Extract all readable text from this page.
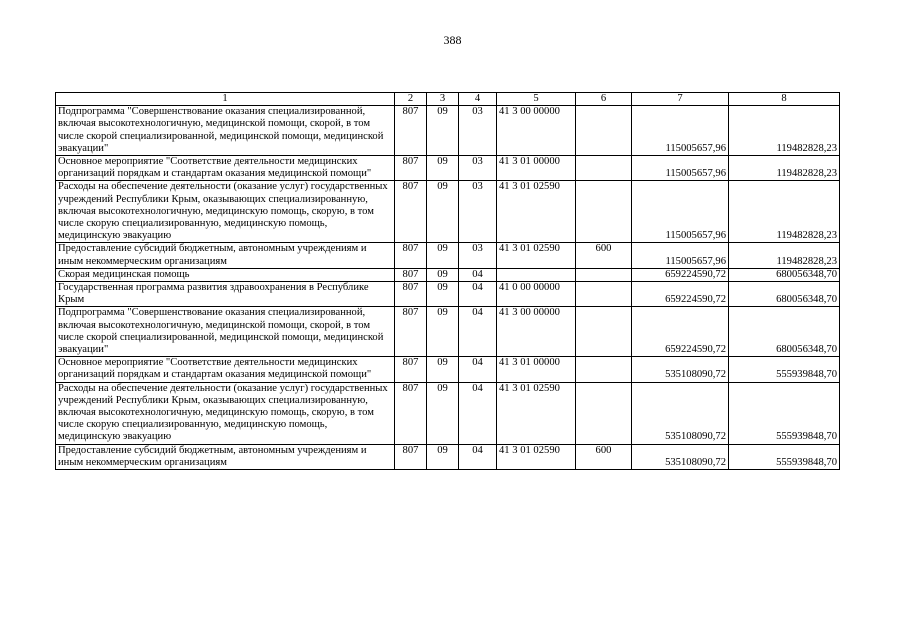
388
1	2	3	4	5	6	7	8
Подпрограмма "Совершенствование оказания специализированной, включая высокотехнологичную, медицинской помощи, скорой, в том числе скорой специализированной, медицинской помощи, медицинской эвакуации"	807	09	03	41 3 00 00000		115005657,96	119482828,23
Основное мероприятие "Соответствие деятельности медицинских организаций порядкам и стандартам оказания медицинской помощи"	807	09	03	41 3 01 00000		115005657,96	119482828,23
Расходы на обеспечение деятельности (оказание услуг) государственных учреждений Республики Крым, оказывающих специализированную, включая высокотехнологичную, медицинскую помощь, скорую, в том числе скорую специализированную, медицинскую помощь, медицинскую эвакуацию	807	09	03	41 3 01 02590		115005657,96	119482828,23
Предоставление субсидий бюджетным, автономным учреждениям и иным некоммерческим организациям	807	09	03	41 3 01 02590	600	115005657,96	119482828,23
Скорая медицинская помощь	807	09	04			659224590,72	680056348,70
Государственная программа развития здравоохранения в Республике Крым	807	09	04	41 0 00 00000		659224590,72	680056348,70
Подпрограмма "Совершенствование оказания специализированной, включая высокотехнологичную, медицинской помощи, скорой, в том числе скорой специализированной, медицинской помощи, медицинской эвакуации"	807	09	04	41 3 00 00000		659224590,72	680056348,70
Основное мероприятие "Соответствие деятельности медицинских организаций порядкам и стандартам оказания медицинской помощи"	807	09	04	41 3 01 00000		535108090,72	555939848,70
Расходы на обеспечение деятельности (оказание услуг) государственных учреждений Республики Крым, оказывающих специализированную, включая высокотехнологичную, медицинскую помощь, скорую, в том числе скорую специализированную, медицинскую помощь, медицинскую эвакуацию	807	09	04	41 3 01 02590		535108090,72	555939848,70
Предоставление субсидий бюджетным, автономным учреждениям и иным некоммерческим организациям	807	09	04	41 3 01 02590	600	535108090,72	555939848,70
